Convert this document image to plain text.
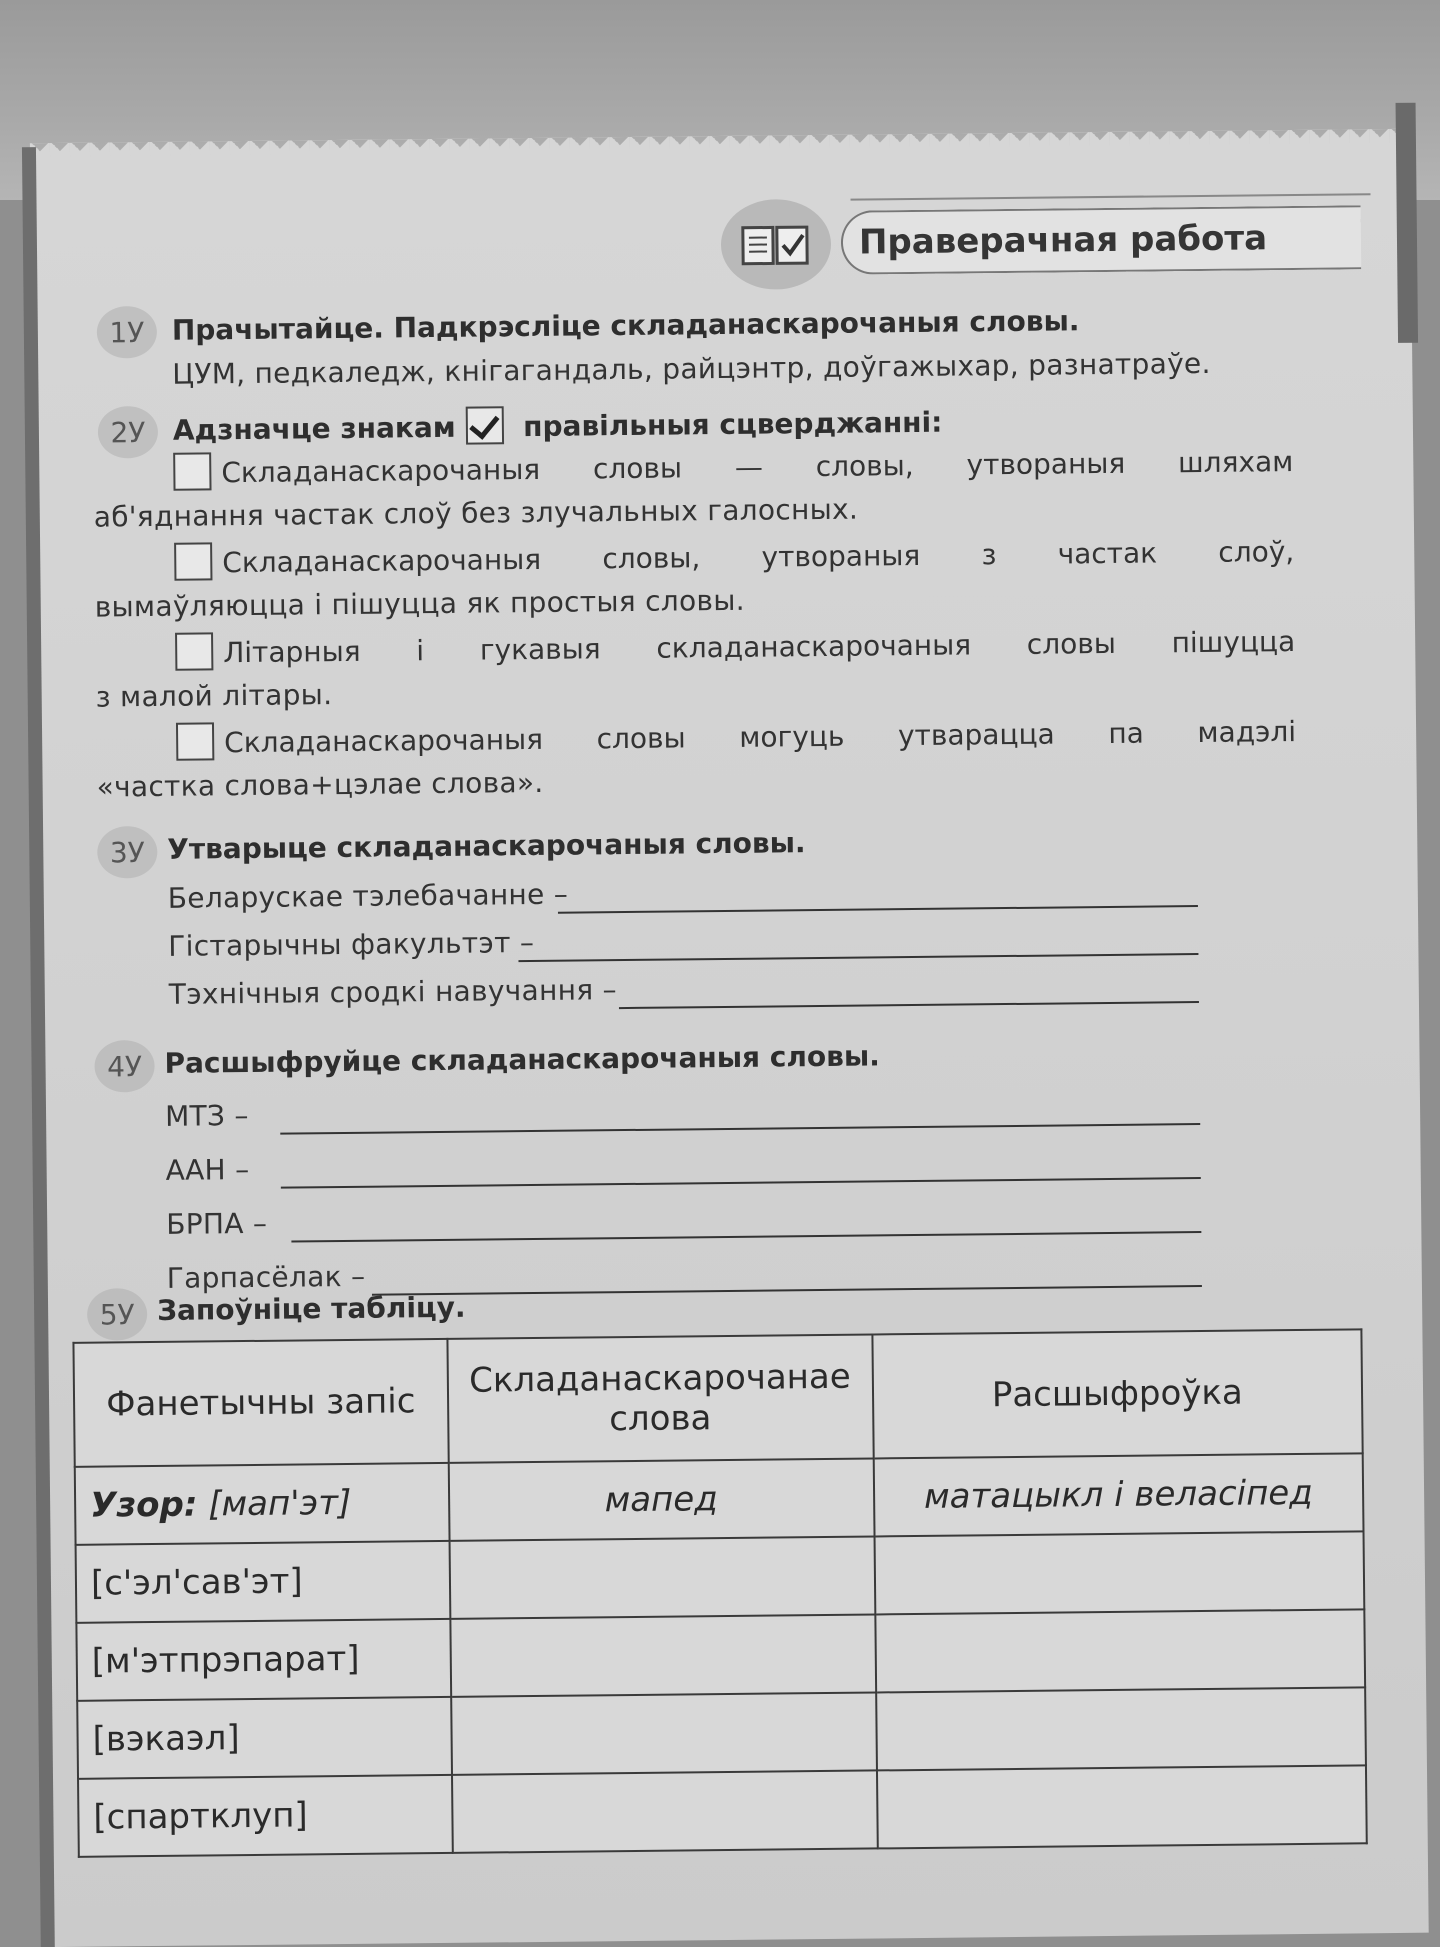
Праверачная работа
1У Прачытайце. Падкрэсліце складанаскарочаныя словы.
ЦУМ, педкаледж, кнігагандаль, райцэнтр, доўгажыхар, разнатраўе.
2У Адзначце знакам правільныя сцверджанні:
Складанаскарочаныя словы — словы, утвораныя шляхам
аб'яднання частак слоў без злучальных галосных.
Складанаскарочаныя словы, утвораныя з частак слоў,
вымаўляюцца і пішуцца як простыя словы.
Літарныя і гукавыя складанаскарочаныя словы пішуцца
з малой літары.
Складанаскарочаныя словы могуць утварацца па мадэлі
«частка слова+цэлае слова».
3У Утварыце складанаскарочаныя словы.
Беларускае тэлебачанне –
Гістарычны факультэт –
Тэхнічныя сродкі навучання –
4У Расшыфруйце складанаскарочаныя словы.
МТЗ –
ААН –
БРПА –
Гарпасёлак –
5У Запоўніце табліцу.
Фанетычны запіс	Складанаскарочанае слова	Расшыфроўка
Узор: [мап'эт]	мапед	матацыкл і веласіпед
[с'эл'сав'эт]		
[м'этпрэпарат]		
[вэкаэл]		
[спартклуп]		
